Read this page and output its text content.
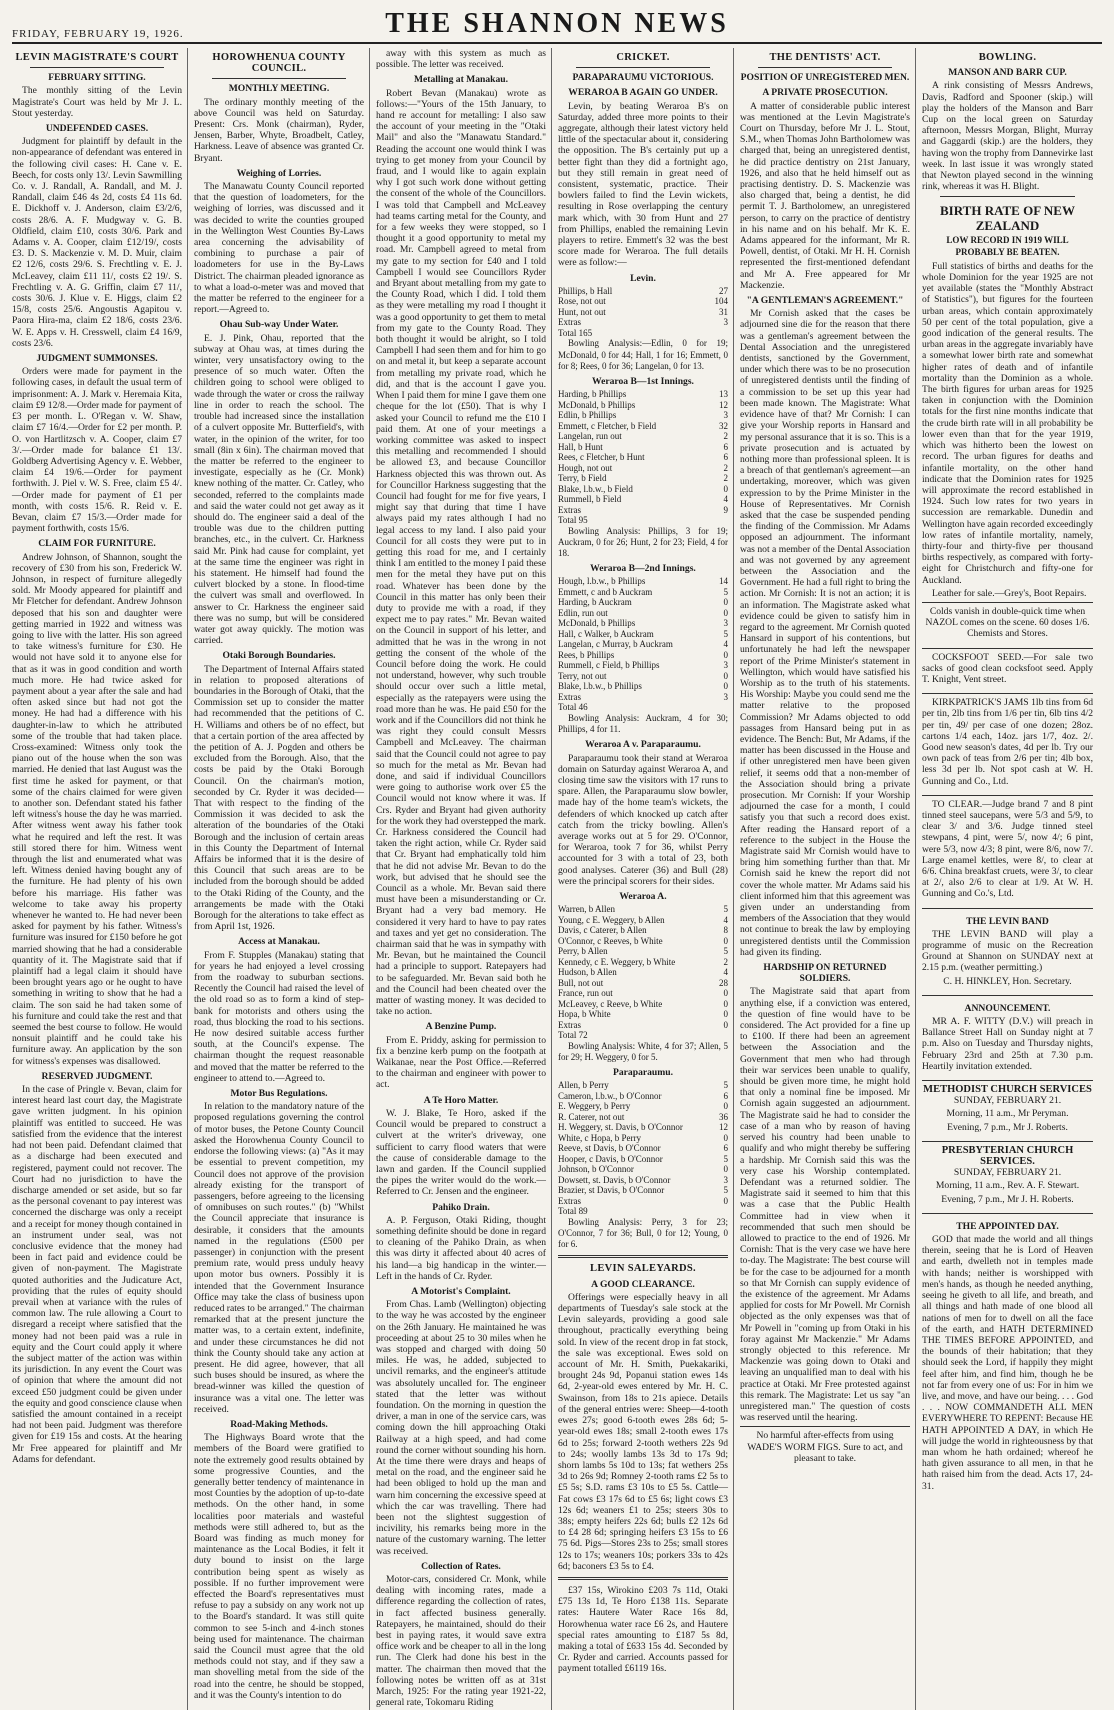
FRIDAY, FEBRUARY 19, 1926.	THE SHANNON NEWS
LEVIN MAGISTRATE'S COURT
FEBRUARY SITTING.

The monthly sitting of the Levin Magistrate's Court was held by Mr J. L. Stout yesterday.

UNDEFENDED CASES.

Judgment for plaintiff by default in the non-appearance of defendant was entered in the following civil cases: H. Cane v. E. Beech, for costs only 13/. Levin Sawmilling Co. v. J. Randall, A. Randall, and M. J. Randall, claim £46 4s 2d, costs £4 11s 6d. E. Dickhoff v. J. Anderson, claim £3/2/6, costs 28/6. A. F. Mudgway v. G. B. Oldfield, claim £10, costs 30/6. Park and Adams v. A. Cooper, claim £12/19/, costs £3. D. S. Mackenzie v. M. D. Muir, claim £2 12/6, costs 29/6. S. Frechtling v. E. J. McLeavey, claim £11 11/, costs £2 19/. S. Frechtling v. A. G. Griffin, claim £7 11/, costs 30/6. J. Klue v. E. Higgs, claim £2 15/8, costs 25/6. Angoustis Agapitou v. Paora Hira-ma, claim £2 18/6, costs 23/6. W. E. Apps v. H. Cresswell, claim £4 16/9, costs 23/6.

JUDGMENT SUMMONSES.

Orders were made for payment in the following cases, in default the usual term of imprisonment: A. J. Mark v. Heremaia Kita, claim £9 12/8.—Order made for payment of £3 per month. L. O'Regan v. W. Shaw, claim £7 16/4.—Order for £2 per month. P. O. von Hartlitzsch v. A. Cooper, claim £7 3/.—Order made for balance £1 13/. Goldberg Advertising Agency v. E. Webber, claim £4 19/6.—Order for payment forthwith. J. Piel v. W. S. Free, claim £5 4/.—Order made for payment of £1 per month, with costs 15/6. R. Reid v. E. Bevan, claim £7 15/3.—Order made for payment forthwith, costs 15/6.

CLAIM FOR FURNITURE.

Andrew Johnson, of Shannon, sought the recovery of £30 from his son, Frederick W. Johnson, in respect of furniture allegedly sold. Mr Moody appeared for plaintiff and Mr Fletcher for defendant. Andrew Johnson deposed that his son and daughter were getting married in 1922 and witness was going to live with the latter. His son agreed to take witness's furniture for £30. He would not have sold it to anyone else for that as it was in good condition and worth much more. He had twice asked for payment about a year after the sale and had often asked since but had not got the money. He had had a difference with his daughter-in-law to which he attributed some of the trouble that had taken place. Cross-examined: Witness only took the piano out of the house when the son was married. He denied that last August was the first time he asked for payment, or that some of the chairs claimed for were given to another son. Defendant stated his father left witness's house the day he was married. After witness went away his father took what he required and left the rest. It was still stored there for him. Witness went through the list and enumerated what was left. Witness denied having bought any of the furniture. He had plenty of his own before his marriage. His father was welcome to take away his property whenever he wanted to. He had never been asked for payment by his father. Witness's furniture was insured for £150 before he got married showing that he had a considerable quantity of it. The Magistrate said that if plaintiff had a legal claim it should have been brought years ago or he ought to have something in writing to show that he had a claim. The son said he had taken some of his furniture and could take the rest and that seemed the best course to follow. He would nonsuit plaintiff and he could take his furniture away. An application by the son for witness's expenses was disallowed.

RESERVED JUDGMENT.

In the case of Pringle v. Bevan, claim for interest heard last court day, the Magistrate gave written judgment. In his opinion plaintiff was entitled to succeed. He was satisfied from the evidence that the interest had not been paid. Defendant claimed that as a discharge had been executed and registered, payment could not recover. The Court had no jurisdiction to have the discharge amended or set aside, but so far as the personal covenant to pay interest was concerned the discharge was only a receipt and a receipt for money though contained in an instrument under seal, was not conclusive evidence that the money had been in fact paid and evidence could be given of non-payment. The Magistrate quoted authorities and the Judicature Act, providing that the rules of equity should prevail when at variance with the rules of common law. The rule allowing a Court to disregard a receipt where satisfied that the money had not been paid was a rule in equity and the Court could apply it where the subject matter of the action was within its jurisdiction. In any event the Court was of opinion that where the amount did not exceed £50 judgment could be given under the equity and good conscience clause when satisfied the amount contained in a receipt had not been paid. Judgment was therefore given for £19 15s and costs. At the hearing Mr Free appeared for plaintiff and Mr Adams for defendant.

HOROWHENUA COUNTY COUNCIL.
MONTHLY MEETING.

The ordinary monthly meeting of the above Council was held on Saturday. Present: Crs. Monk (chairman), Ryder, Jensen, Barber, Whyte, Broadbelt, Catley, Harkness. Leave of absence was granted Cr. Bryant.

Weighing of Lorries.

The Manawatu County Council reported that the question of loadometers, for the weighing of lorries, was discussed and it was decided to write the counties grouped in the Wellington West Counties By-Laws area concerning the advisability of combining to purchase a pair of loadometers for use in the By-Laws District. The chairman pleaded ignorance as to what a load-o-meter was and moved that the matter be referred to the engineer for a report.—Agreed to.

Ohau Sub-way Under Water.

E. J. Pink, Ohau, reported that the subway at Ohau was, at times during the winter, very unsatisfactory owing to the presence of so much water. Often the children going to school were obliged to wade through the water or cross the railway line in order to reach the school. The trouble had increased since the installation of a culvert opposite Mr. Butterfield's, with water, in the opinion of the writer, for too small (8in x 6in). The chairman moved that the matter be referred to the engineer to investigate, especially as he (Cr. Monk) knew nothing of the matter. Cr. Catley, who seconded, referred to the complaints made and said the water could not get away as it should do. The engineer said a deal of the trouble was due to the children putting branches, etc., in the culvert. Cr. Harkness said Mr. Pink had cause for complaint, yet at the same time the engineer was right in his statement. He himself had found the culvert blocked by a stone. In flood-time the culvert was small and overflowed. In answer to Cr. Harkness the engineer said there was no sump, but will be considered water got away quickly. The motion was carried.

Otaki Borough Boundaries.

The Department of Internal Affairs stated in relation to proposed alterations of boundaries in the Borough of Otaki, that the Commission set up to consider the matter had recommended that the petitions of C. H. Williams and others be of no effect, but that a certain portion of the area affected by the petition of A. J. Pogden and others be excluded from the Borough. Also, that the costs be paid by the Otaki Borough Council. On the chairman's motion, seconded by Cr. Ryder it was decided—That with respect to the finding of the Commission it was decided to ask the alteration of the boundaries of the Otaki Borough and the inclusion of certain areas in this County the Department of Internal Affairs be informed that it is the desire of this Council that such areas are to be included from the borough should be added to the Otaki Riding of the County, and the arrangements be made with the Otaki Borough for the alterations to take effect as from April 1st, 1926.

Access at Manakau.

From F. Stupples (Manakau) stating that for years he had enjoyed a level crossing from the roadway to suburban sections. Recently the Council had raised the level of the old road so as to form a kind of step-bank for motorists and others using the road, thus blocking the road to his sections. He now desired suitable access further south, at the Council's expense. The chairman thought the request reasonable and moved that the matter be referred to the engineer to attend to.—Agreed to.

Motor Bus Regulations.

In relation to the mandatory nature of the proposed regulations governing the control of motor buses, the Petone County Council asked the Horowhenua County Council to endorse the following views: (a) "As it may be essential to prevent competition, my Council does not approve of the provision already existing for the transport of passengers, before agreeing to the licensing of omnibuses on such routes." (b) "Whilst the Council appreciate that insurance is desirable, it considers that the amounts named in the regulations (£500 per passenger) in conjunction with the present premium rate, would press unduly heavy upon motor bus owners. Possibly it is intended that the Government Insurance Office may take the class of business upon reduced rates to be arranged." The chairman remarked that at the present juncture the matter was, to a certain extent, indefinite, and under these circumstances he did not think the County should take any action at present. He did agree, however, that all such buses should be insured, as where the bread-winner was killed the question of insurance was a vital one. The letter was received.

Road-Making Methods.

The Highways Board wrote that the members of the Board were gratified to note the extremely good results obtained by some progressive Counties, and the generally better tendency of maintenance in most Counties by the adoption of up-to-date methods. On the other hand, in some localities poor materials and wasteful methods were still adhered to, but as the Board was finding as much money for maintenance as the Local Bodies, it felt it duty bound to insist on the large contribution being spent as wisely as possible. If no further improvement were effected the Board's representatives must refuse to pay a subsidy on any work not up to the Board's standard. It was still quite common to see 5-inch and 4-inch stones being used for maintenance. The chairman said the Council must agree that the old methods could not stay, and if they saw a man shovelling metal from the side of the road into the centre, he should be stopped, and it was the County's intention to do

away with this system as much as possible. The letter was received.

Metalling at Manakau.

Robert Bevan (Manakau) wrote as follows:—"Yours of the 15th January, to hand re account for metalling: I also saw the account of your meeting in the "Otaki Mail" and also the "Manawatu Standard." Reading the account one would think I was trying to get money from your Council by fraud, and I would like to again explain why I got such work done without getting the consent of the whole of the Councillors. I was told that Campbell and McLeavey had teams carting metal for the County, and for a few weeks they were stopped, so I thought it a good opportunity to metal my road. Mr. Campbell agreed to metal from my gate to my section for £40 and I told Campbell I would see Councillors Ryder and Bryant about metalling from my gate to the County Road, which I did. I told them as they were metalling my road I thought it was a good opportunity to get them to metal from my gate to the County Road. They both thought it would be alright, so I told Campbell I had seen them and for him to go on and metal it, but keep a separate account from metalling my private road, which he did, and that is the account I gave you. When I paid them for mine I gave them one cheque for the lot (£50). That is why I asked your Council to refund me the £10 I paid them. At one of your meetings a working committee was asked to inspect this metalling and recommended I should be allowed £3, and because Councillor Harkness objected this was thrown out. As for Councillor Harkness suggesting that the Council had fought for me for five years, I might say that during that time I have always paid my rates although I had no legal access to my land. I also paid your Council for all costs they were put to in getting this road for me, and I certainly think I am entitled to the money I paid these men for the metal they have put on this road. Whatever has been done by the Council in this matter has only been their duty to provide me with a road, if they expect me to pay rates." Mr. Bevan waited on the Council in support of his letter, and admitted that he was in the wrong in not getting the consent of the whole of the Council before doing the work. He could not understand, however, why such trouble should occur over such a little metal, especially as the ratepayers were using the road more than he was. He paid £50 for the work and if the Councillors did not think he was right they could consult Messrs Campbell and McLeavey. The chairman said that the Council could not agree to pay so much for the metal as Mr. Bevan had done, and said if individual Councillors were going to authorise work over £5 the Council would not know where it was. If Crs. Ryder and Bryant had given authority for the work they had overstepped the mark. Cr. Harkness considered the Council had taken the right action, while Cr. Ryder said that Cr. Bryant had emphatically told him that he did not advise Mr. Bevan to do the work, but advised that he should see the Council as a whole. Mr. Bevan said there must have been a misunderstanding or Cr. Bryant had a very bad memory. He considered it very hard to have to pay rates and taxes and yet get no consideration. The chairman said that he was in sympathy with Mr. Bevan, but he maintained the Council had a principle to support. Ratepayers had to be safeguarded. Mr. Bevan said both he and the Council had been cheated over the matter of wasting money. It was decided to take no action.

A Benzine Pump.

From E. Priddy, asking for permission to fix a benzine kerb pump on the footpath at Waikanae, near the Post Office.—Referred to the chairman and engineer with power to act.

A Te Horo Matter.

W. J. Blake, Te Horo, asked if the Council would be prepared to construct a culvert at the writer's driveway, one sufficient to carry flood waters that were the cause of considerable damage to the lawn and garden. If the Council supplied the pipes the writer would do the work.—Referred to Cr. Jensen and the engineer.

Pahiko Drain.

A. P. Ferguson, Otaki Riding, thought something definite should be done in regard to cleaning of the Pahiko Drain, as when this was dirty it affected about 40 acres of his land—a big handicap in the winter.—Left in the hands of Cr. Ryder.

A Motorist's Complaint.

From Chas. Lamb (Wellington) objecting to the way he was accosted by the engineer on the 26th January. He maintained he was proceeding at about 25 to 30 miles when he was stopped and charged with doing 50 miles. He was, he added, subjected to uncivil remarks, and the engineer's attitude was absolutely uncalled for. The engineer stated that the letter was without foundation. On the morning in question the driver, a man in one of the service cars, was coming down the hill approaching Otaki Railway at a high speed, and had come round the corner without sounding his horn. At the time there were drays and heaps of metal on the road, and the engineer said he had been obliged to hold up the man and warn him concerning the excessive speed at which the car was travelling. There had been not the slightest suggestion of incivility, his remarks being more in the nature of the customary warning. The letter was received.

Collection of Rates.

Motor-cars, considered Cr. Monk, while dealing with incoming rates, made a difference regarding the collection of rates, in fact affected business generally. Ratepayers, he maintained, should do their best in paying rates, it would save extra office work and be cheaper to all in the long run. The Clerk had done his best in the matter. The chairman then moved that the following notes be written off as at 31st March, 1925: For the rating year 1921-22, general rate, Tokomaru Riding

CRICKET.
PARAPARAUMU VICTORIOUS.
WERAROA B AGAIN GO UNDER.

Levin, by beating Weraroa B's on Saturday, added three more points to their aggregate, although their latest victory held little of the spectacular about it, considering the opposition. The B's certainly put up a better fight than they did a fortnight ago, but they still remain in great need of consistent, systematic, practice. Their bowlers failed to find the Levin wickets, resulting in Rose overlapping the century mark which, with 30 from Hunt and 27 from Phillips, enabled the remaining Levin players to retire. Emmett's 32 was the best score made for Weraroa. The full details were as follow:—

Levin.
Phillips, b Hall	27
Rose, not out	104
Hunt, not out	31
Extras	3
Total 165	

Bowling Analysis:—Edlin, 0 for 19; McDonald, 0 for 44; Hall, 1 for 16; Emmett, 0 for 8; Rees, 0 for 36; Langelan, 0 for 13.

Weraroa B—1st Innings.
Harding, b Phillips	13
McDonald, b Phillips	12
Edlin, b Phillips	3
Emmett, c Fletcher, b Field	32
Langelan, run out	2
Hall, b Hunt	6
Rees, c Fletcher, b Hunt	6
Hough, not out	2
Terry, b Field	2
Blake, l.b.w., b Field	0
Rummell, b Field	4
Extras	9
Total 95	

Bowling Analysis: Phillips, 3 for 19; Auckram, 0 for 26; Hunt, 2 for 23; Field, 4 for 18.

Weraroa B—2nd Innings.
Hough, l.b.w., b Phillips	14
Emmett, c and b Auckram	5
Harding, b Auckram	0
Edlin, run out	0
McDonald, b Phillips	3
Hall, c Walker, b Auckram	5
Langelan, c Murray, b Auckram	4
Rees, b Phillips	0
Rummell, c Field, b Phillips	3
Terry, not out	0
Blake, l.b.w., b Phillips	0
Extras	3
Total 46	

Bowling Analysis: Auckram, 4 for 30; Phillips, 4 for 11.

Weraroa A v. Paraparaumu.

Paraparaumu took their stand at Weraroa domain on Saturday against Weraroa A, and closing time saw the visitors with 17 runs to spare. Allen, the Paraparaumu slow bowler, made hay of the home team's wickets, the defenders of which knocked up catch after catch from the tricky bowling. Allen's average works out at 5 for 29. O'Connor, for Weraroa, took 7 for 36, whilst Perry accounted for 3 with a total of 23, both good analyses. Caterer (36) and Bull (28) were the principal scorers for their sides.

Weraroa A.
Warren, b Allen	5
Young, c E. Weggery, b Allen	4
Davis, c Caterer, b Allen	8
O'Connor, c Reeves, b White	0
Perry, b Allen	5
Kennedy, c E. Weggery, b White	2
Hudson, b Allen	4
Bull, not out	28
France, run out	0
McLeavey, c Reeve, b White	0
Hopa, b White	0
Extras	0
Total 72	

Bowling Analysis: White, 4 for 37; Allen, 5 for 29; H. Weggery, 0 for 5.

Paraparaumu.
Allen, b Perry	5
Cameron, l.b.w., b O'Connor	6
E. Weggery, b Perry	0
R. Caterer, not out	36
H. Weggery, st. Davis, b O'Connor	12
White, c Hopa, b Perry	0
Reeve, st Davis, b O'Connor	6
Hooper, c Davis, b O'Connor	5
Johnson, b O'Connor	0
Dowsett, st. Davis, b O'Connor	3
Brazier, st Davis, b O'Connor	5
Extras	0
Total 89	

Bowling Analysis: Perry, 3 for 23; O'Connor, 7 for 36; Bull, 0 for 12; Young, 0 for 6.

LEVIN SALEYARDS.
A GOOD CLEARANCE.

Offerings were especially heavy in all departments of Tuesday's sale stock at the Levin saleyards, providing a good sale throughout, practically everything being sold. In view of the recent drop in fat stock, the sale was exceptional. Ewes sold on account of Mr. H. Smith, Puekakariki, brought 24s 9d, Popanui station ewes 14s 6d, 2-year-old ewes entered by Mr. H. C. Swainson, from 18s to 21s apiece. Details of the general entries were: Sheep—4-tooth ewes 27s; good 6-tooth ewes 28s 6d; 5-year-old ewes 18s; small 2-tooth ewes 17s 6d to 25s; forward 2-tooth wethers 22s 9d to 24s; woolly lambs 13s 3d to 17s 9d; shorn lambs 5s 10d to 13s; fat wethers 25s 3d to 26s 9d; Romney 2-tooth rams £2 5s to £5 5s; S.D. rams £3 10s to £5 5s. Cattle—Fat cows £3 17s 6d to £5 6s; light cows £3 12s 6d; weaners £1 to 25s; steers 30s to 38s; empty heifers 22s 6d; bulls £2 12s 6d to £4 28 6d; springing heifers £3 15s to £6 75 6d. Pigs—Stores 23s to 25s; small stores 12s to 17s; weaners 10s; porkers 33s to 42s 6d; baconers £3 5s to £4.

£37 15s, Wirokino £203 7s 11d, Otaki £75 13s 1d, Te Horo £138 11s. Separate rates: Hautere Water Race 16s 8d, Horowhenua water race £6 2s, and Hautere special rates amounting to £187 5s 8d, making a total of £633 15s 4d. Seconded by Cr. Ryder and carried. Accounts passed for payment totalled £6119 16s.

THE DENTISTS' ACT.
POSITION OF UNREGISTERED MEN.
A PRIVATE PROSECUTION.

A matter of considerable public interest was mentioned at the Levin Magistrate's Court on Thursday, before Mr J. L. Stout, S.M., when Thomas John Bartholomew was charged that, being an unregistered dentist, he did practice dentistry on 21st January, 1926, and also that he held himself out as practising dentistry. D. S. Mackenzie was also charged that, being a dentist, he did permit T. J. Bartholomew, an unregistered person, to carry on the practice of dentistry in his name and on his behalf. Mr K. E. Adams appeared for the informant, Mr R. Powell, dentist, of Otaki. Mr H. H. Cornish represented the first-mentioned defendant and Mr A. Free appeared for Mr Mackenzie.

"A GENTLEMAN'S AGREEMENT."

Mr Cornish asked that the cases be adjourned sine die for the reason that there was a gentleman's agreement between the Dental Association and the unregistered dentists, sanctioned by the Government, under which there was to be no prosecution of unregistered dentists until the finding of a commission to be set up this year had been made known. The Magistrate: What evidence have of that? Mr Cornish: I can give your Worship reports in Hansard and my personal assurance that it is so. This is a private prosecution and is actuated by nothing more than professional spleen. It is a breach of that gentleman's agreement—an undertaking, moreover, which was given expression to by the Prime Minister in the House of Representatives. Mr Cornish asked that the case be suspended pending the finding of the Commission. Mr Adams opposed an adjournment. The informant was not a member of the Dental Association and was not governed by any agreement between the Association and the Government. He had a full right to bring the action. Mr Cornish: It is not an action; it is an information. The Magistrate asked what evidence could be given to satisfy him in regard to the agreement. Mr Cornish quoted Hansard in support of his contentions, but unfortunately he had left the newspaper report of the Prime Minister's statement in Wellington, which would have satisfied his Worship as to the truth of his statements. His Worship: Maybe you could send me the matter relative to the proposed Commission? Mr Adams objected to odd passages from Hansard being put in as evidence. The Bench: But, Mr Adams, if the matter has been discussed in the House and if other unregistered men have been given relief, it seems odd that a non-member of the Association should bring a private prosecution. Mr Cornish: If your Worship adjourned the case for a month, I could satisfy you that such a record does exist. After reading the Hansard report of a reference to the subject in the House the Magistrate said Mr Cornish would have to bring him something further than that. Mr Cornish said he knew the report did not cover the whole matter. Mr Adams said his client informed him that this agreement was given under an understanding from members of the Association that they would not continue to break the law by employing unregistered dentists until the Commission had given its finding.

HARDSHIP ON RETURNED SOLDIERS.

The Magistrate said that apart from anything else, if a conviction was entered, the question of fine would have to be considered. The Act provided for a fine up to £100. If there had been an agreement between the Association and the Government that men who had through their war services been unable to qualify, should be given more time, he might hold that only a nominal fine be imposed. Mr Cornish again suggested an adjournment. The Magistrate said he had to consider the case of a man who by reason of having served his country had been unable to qualify and who might thereby be suffering a hardship. Mr Cornish said this was the very case his Worship contemplated. Defendant was a returned soldier. The Magistrate said it seemed to him that this was a case that the Public Health Committee had in view when it recommended that such men should be allowed to practice to the end of 1926. Mr Cornish: That is the very case we have here to-day. The Magistrate: The best course will be for the case to be adjourned for a month so that Mr Cornish can supply evidence of the existence of the agreement. Mr Adams applied for costs for Mr Powell. Mr Cornish objected as the only expenses was that of Mr Powell in "coming up from Otaki in his foray against Mr Mackenzie." Mr Adams strongly objected to this reference. Mr Mackenzie was going down to Otaki and leaving an unqualified man to deal with his practice at Otaki. Mr Free protested against this remark. The Magistrate: Let us say "an unregistered man." The question of costs was reserved until the hearing.

No harmful after-effects from using WADE'S WORM FIGS. Sure to act, and pleasant to take.

BOWLING.
MANSON AND BARR CUP.

A rink consisting of Messrs Andrews, Davis, Radford and Spooner (skip.) will play the holders of the Manson and Barr Cup on the local green on Saturday afternoon, Messrs Morgan, Blight, Murray and Gaggardi (skip.) are the holders, they having won the trophy from Dannevirke last week. In last issue it was wrongly stated that Newton played second in the winning rink, whereas it was H. Blight.

BIRTH RATE OF NEW ZEALAND
LOW RECORD IN 1919 WILL PROBABLY BE BEATEN.

Full statistics of births and deaths for the whole Dominion for the year 1925 are not yet available (states the "Monthly Abstract of Statistics"), but figures for the fourteen urban areas, which contain approximately 50 per cent of the total population, give a good indication of the general results. The urban areas in the aggregate invariably have a somewhat lower birth rate and somewhat higher rates of death and of infantile mortality than the Dominion as a whole. The birth figures for urban areas for 1925 taken in conjunction with the Dominion totals for the first nine months indicate that the crude birth rate will in all probability be lower even than that for the year 1919, which was hitherto been the lowest on record. The urban figures for deaths and infantile mortality, on the other hand indicate that the Dominion rates for 1925 will approximate the record established in 1924. Such low rates for two years in succession are remarkable. Dunedin and Wellington have again recorded exceedingly low rates of infantile mortality, namely, thirty-four and thirty-five per thousand births respectively, as compared with forty-eight for Christchurch and fifty-one for Auckland.

Leather for sale.—Grey's, Boot Repairs.

Colds vanish in double-quick time when NAZOL comes on the scene. 60 doses 1/6. Chemists and Stores.

COCKSFOOT SEED.—For sale two sacks of good clean cocksfoot seed. Apply T. Knight, Vent street.

KIRKPATRICK'S JAMS 1lb tins from 6d per tin, 2lb tins from 1/6 per tin, 6lb tins 4/2 per tin, 49/ per case of one dozen; 28oz. cartons 1/4 each, 14oz. jars 1/7, 4oz. 2/. Good new season's dates, 4d per lb. Try our own pack of teas from 2/6 per tin; 4lb box, less 3d per lb. Not spot cash at W. H. Gunning and Co., Ltd.

TO CLEAR.—Judge brand 7 and 8 pint tinned steel saucepans, were 5/3 and 5/9, to clear 3/ and 3/6. Judge tinned steel stewpans, 4 pint, were 5/, now 4/; 6 pint, were 5/3, now 4/3; 8 pint, were 8/6, now 7/. Large enamel kettles, were 8/, to clear at 6/6. China breakfast cruets, were 3/, to clear at 2/, also 2/6 to clear at 1/9. At W. H. Gunning and Co.'s, Ltd.

THE LEVIN BAND

THE LEVIN BAND will play a programme of music on the Recreation Ground at Shannon on SUNDAY next at 2.15 p.m. (weather permitting.)

C. H. HINKLEY, Hon. Secretary.

ANNOUNCEMENT.

MR A. F. WITTY (D.V.) will preach in Ballance Street Hall on Sunday night at 7 p.m. Also on Tuesday and Thursday nights, February 23rd and 25th at 7.30 p.m. Heartily invitation extended.

METHODIST CHURCH SERVICES

SUNDAY, FEBRUARY 21.

Morning, 11 a.m., Mr Peryman.

Evening, 7 p.m., Mr J. Roberts.

PRESBYTERIAN CHURCH SERVICES.

SUNDAY, FEBRUARY 21.

Morning, 11 a.m., Rev. A. F. Stewart.

Evening, 7 p.m., Mr J. H. Roberts.

THE APPOINTED DAY.

GOD that made the world and all things therein, seeing that he is Lord of Heaven and earth, dwelleth not in temples made with hands; neither is worshipped with men's hands, as though he needed anything, seeing he giveth to all life, and breath, and all things and hath made of one blood all nations of men for to dwell on all the face of the earth, and HATH DETERMINED THE TIMES BEFORE APPOINTED, and the bounds of their habitation; that they should seek the Lord, if happily they might feel after him, and find him, though he be not far from every one of us: For in him we live, and move, and have our being. . . . God . . . NOW COMMANDETH ALL MEN EVERYWHERE TO REPENT: Because HE HATH APPOINTED A DAY, in which He will judge the world in righteousness by that man whom he hath ordained; whereof he hath given assurance to all men, in that he hath raised him from the dead. Acts 17, 24-31.
